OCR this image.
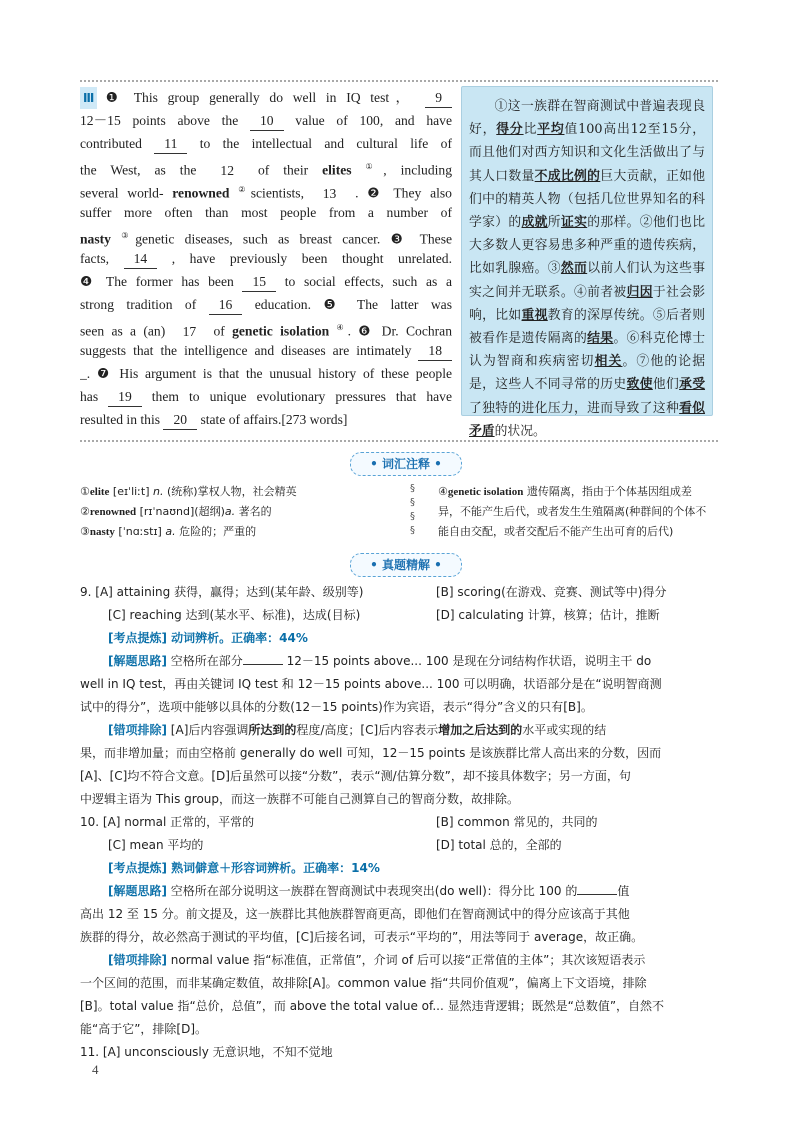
Ⅲ ❶ This group generally do well in IQ test， 9
12－15 points above the 10 value of 100, and have
contributed 11 to the intellectual and cultural life of
the West, as the 12 of their elites ①, including
several world- renowned ②scientists, 13 . ❷ They also
suffer more often than most people from a number of
nasty ③genetic diseases, such as breast cancer. ❸ These
facts, 14 , have previously been thought unrelated.
❹ The former has been 15 to social effects, such as a
strong tradition of 16 education. ❺ The latter was
seen as a (an) 17 of genetic isolation ④. ❻ Dr. Cochran
suggests that the intelligence and diseases are intimately 18
_. ❼ His argument is that the unusual history of these people
has 19 them to unique evolutionary pressures that have
resulted in this 20 state of affairs.[273 words]
①这一族群在智商测试中普遍表现良好，得分比平均值100高出12至15分，而且他们对西方知识和文化生活做出了与其人口数量不成比例的巨大贡献，正如他们中的精英人物（包括几位世界知名的科学家）的成就所证实的那样。②他们也比大多数人更容易患多种严重的遗传疾病，比如乳腺癌。③然而以前人们认为这些事实之间并无联系。④前者被归因于社会影响，比如重视教育的深厚传统。⑤后者则被看作是遗传隔离的结果。⑥科克伦博士认为智商和疾病密切相关。⑦他的论据是，这些人不同寻常的历史致使他们承受了独特的进化压力，进而导致了这种看似矛盾的状况。
• 词汇注释 •
①elite [eɪˈliːt] n. (统称)掌权人物，社会精英
②renowned [rɪˈnaʊnd](超纲)a. 著名的
③nasty [ˈnɑːstɪ] a. 危险的；严重的
§
§
§
§
④genetic isolation 遗传隔离，指由于个体基因组成差
异，不能产生后代，或者发生生殖隔离(种群间的个体不
能自由交配，或者交配后不能产生出可育的后代)
• 真题精解 •
9. [A] attaining 获得，赢得；达到(某年龄、级别等)	[B] scoring(在游戏、竞赛、测试等中)得分
[C] reaching 达到(某水平、标准)，达成(目标)	[D] calculating 计算，核算；估计，推断
[考点提炼] 动词辨析。正确率：44%
[解题思路] 空格所在部分	12－15 points above... 100 是现在分词结构作状语，说明主干 do
well in IQ test，再由关键词 IQ test 和 12－15 points above... 100 可以明确，状语部分是在“说明智商测
试中的得分”，选项中能够以具体的分数(12－15 points)作为宾语，表示“得分”含义的只有[B]。
[错项排除] [A]后内容强调所达到的程度/高度；[C]后内容表示增加之后达到的水平或实现的结
果，而非增加量；而由空格前 generally do well 可知，12－15 points 是该族群比常人高出来的分数，因而
[A]、[C]均不符合文意。[D]后虽然可以接“分数”，表示“测/估算分数”，却不接具体数字；另一方面，句
中逻辑主语为 This group，而这一族群不可能自己测算自己的智商分数，故排除。
10. [A] normal 正常的，平常的	[B] common 常见的，共同的
[C] mean 平均的	[D] total 总的，全部的
[考点提炼] 熟词僻意＋形容词辨析。正确率：14%
[解题思路] 空格所在部分说明这一族群在智商测试中表现突出(do well)：得分比 100 的	值
高出 12 至 15 分。前文提及，这一族群比其他族群智商更高，即他们在智商测试中的得分应该高于其他
族群的得分，故必然高于测试的平均值，[C]后接名词，可表示“平均的”，用法等同于 average，故正确。
[错项排除] normal value 指“标准值，正常值”，介词 of 后可以接“正常值的主体”；其次该短语表示
一个区间的范围，而非某确定数值，故排除[A]。common value 指“共同价值观”，偏离上下文语境，排除
[B]。total value 指“总价，总值”，而 above the total value of... 显然违背逻辑；既然是“总数值”，自然不
能“高于它”，排除[D]。
11. [A] unconsciously 无意识地，不知不觉地
4
